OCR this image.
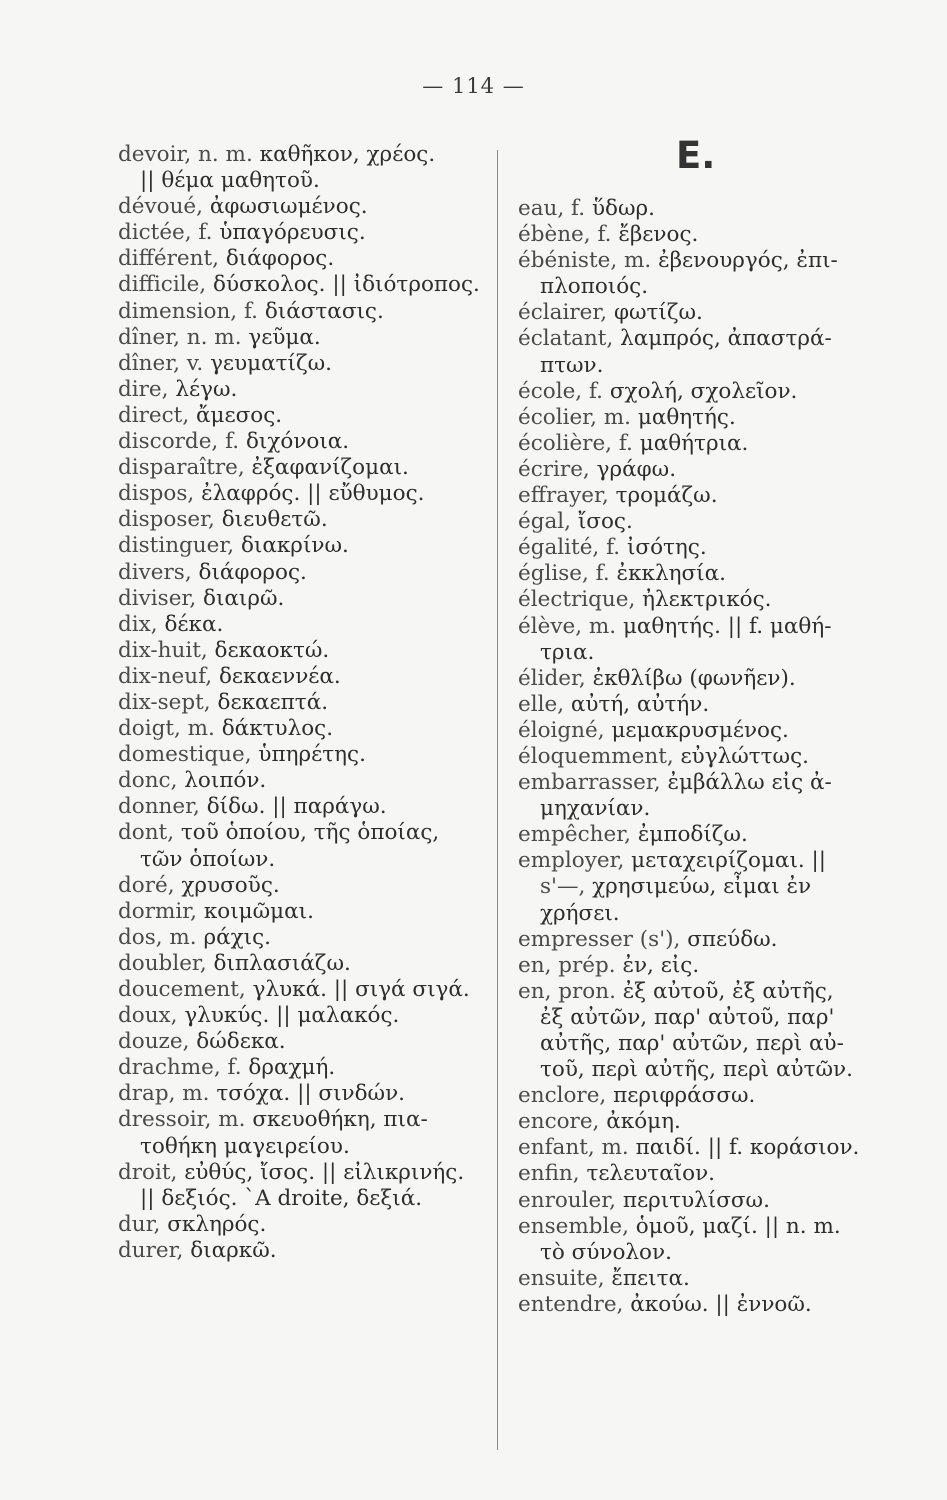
— 114 —
E.
devoir, n. m. καθῆκον, χρέος.
|| θέμα μαθητοῦ.
dévoué, ἀφωσιωμένος.
dictée, f. ὑπαγόρευσις.
différent, διάφορος.
difficile, δύσκολος. || ἰδιότροπος.
dimension, f. διάστασις.
dîner, n. m. γεῦμα.
dîner, v. γευματίζω.
dire, λέγω.
direct, ἄμεσος.
discorde, f. διχόνοια.
disparaître, ἐξαφανίζομαι.
dispos, ἐλαφρός. || εὔθυμος.
disposer, διευθετῶ.
distinguer, διακρίνω.
divers, διάφορος.
diviser, διαιρῶ.
dix, δέκα.
dix-huit, δεκαοκτώ.
dix-neuf, δεκαεννέα.
dix-sept, δεκαεπτά.
doigt, m. δάκτυλος.
domestique, ὑπηρέτης.
donc, λοιπόν.
donner, δίδω. || παράγω.
dont, τοῦ ὁποίου, τῆς ὁποίας,
τῶν ὁποίων.
doré, χρυσοῦς.
dormir, κοιμῶμαι.
dos, m. ράχις.
doubler, διπλασιάζω.
doucement, γλυκά. || σιγά σιγά.
doux, γλυκύς. || μαλακός.
douze, δώδεκα.
drachme, f. δραχμή.
drap, m. τσόχα. || σινδών.
dressoir, m. σκευοθήκη, πια-
τοθήκη μαγειρείου.
droit, εὐθύς, ἴσος. || εἰλικρινής.
|| δεξιός. `A droite, δεξιά.
dur, σκληρός.
durer, διαρκῶ.
eau, f. ὕδωρ.
ébène, f. ἔβενος.
ébéniste, m. ἐβενουργός, ἐπι-
πλοποιός.
éclairer, φωτίζω.
éclatant, λαμπρός, ἀπαστρά-
πτων.
école, f. σχολή, σχολεῖον.
écolier, m. μαθητής.
écolière, f. μαθήτρια.
écrire, γράφω.
effrayer, τρομάζω.
égal, ἴσος.
égalité, f. ἰσότης.
église, f. ἐκκλησία.
électrique, ἠλεκτρικός.
élève, m. μαθητής. || f. μαθή-
τρια.
élider, ἐκθλίβω (φωνῆεν).
elle, αὐτή, αὐτήν.
éloigné, μεμακρυσμένος.
éloquemment, εὐγλώττως.
embarrasser, ἐμβάλλω εἰς ἀ-
μηχανίαν.
empêcher, ἐμποδίζω.
employer, μεταχειρίζομαι. ||
s'—, χρησιμεύω, εἶμαι ἐν
χρήσει.
empresser (s'), σπεύδω.
en, prép. ἐν, εἰς.
en, pron. ἐξ αὐτοῦ, ἐξ αὐτῆς,
ἐξ αὐτῶν, παρ' αὐτοῦ, παρ'
αὐτῆς, παρ' αὐτῶν, περὶ αὐ-
τοῦ, περὶ αὐτῆς, περὶ αὐτῶν.
enclore, περιφράσσω.
encore, ἀκόμη.
enfant, m. παιδί. || f. κοράσιον.
enfin, τελευταῖον.
enrouler, περιτυλίσσω.
ensemble, ὁμοῦ, μαζί. || n. m.
τὸ σύνολον.
ensuite, ἔπειτα.
entendre, ἀκούω. || ἐννοῶ.
